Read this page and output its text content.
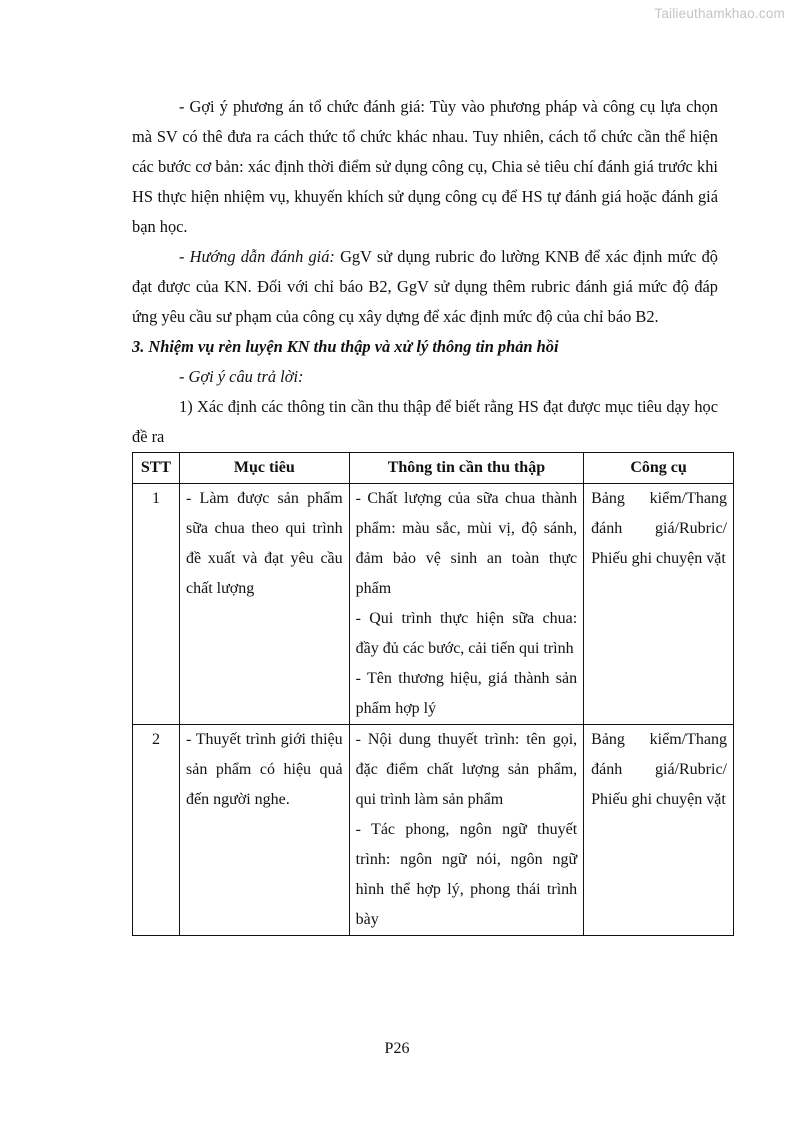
Tailieuthamkhao.com

- Gợi ý phương án tổ chức đánh giá: Tùy vào phương pháp và công cụ lựa chọn mà SV có thê đưa ra cách thức tổ chức khác nhau. Tuy nhiên, cách tổ chức cần thể hiện các bước cơ bản: xác định thời điểm sử dụng công cụ, Chia sẻ tiêu chí đánh giá trước khi HS thực hiện nhiệm vụ, khuyến khích sử dụng công cụ để HS tự đánh giá hoặc đánh giá bạn học.

- Hướng dẫn đánh giá: GgV sử dụng rubric đo lường KNB để xác định mức độ đạt được của KN. Đối với chỉ báo B2, GgV sử dụng thêm rubric đánh giá mức độ đáp ứng yêu cầu sư phạm của công cụ xây dựng để xác định mức độ của chỉ báo B2.

3. Nhiệm vụ rèn luyện KN thu thập và xử lý thông tin phản hồi

- Gợi ý câu trả lời:

1) Xác định các thông tin cần thu thập để biết rằng HS đạt được mục tiêu dạy học đề ra

STT	Mục tiêu	Thông tin cần thu thập	Công cụ
1	- Làm được sản phẩm sữa chua theo qui trình đề xuất và đạt yêu cầu chất lượng	- Chất lượng của sữa chua thành phẩm: màu sắc, mùi vị, độ sánh, đảm bảo vệ sinh an toàn thực phẩm
- Qui trình thực hiện sữa chua: đầy đủ các bước, cải tiến qui trình
- Tên thương hiệu, giá thành sản phẩm hợp lý	Bảng kiểm/Thang đánh giá/Rubric/ Phiếu ghi chuyện vặt
2	- Thuyết trình giới thiệu sản phẩm có hiệu quả đến người nghe.	- Nội dung thuyết trình: tên gọi, đặc điểm chất lượng sản phẩm, qui trình làm sản phẩm
- Tác phong, ngôn ngữ thuyết trình: ngôn ngữ nói, ngôn ngữ hình thể hợp lý, phong thái trình bày	Bảng kiểm/Thang đánh giá/Rubric/ Phiếu ghi chuyện vặt
P26
